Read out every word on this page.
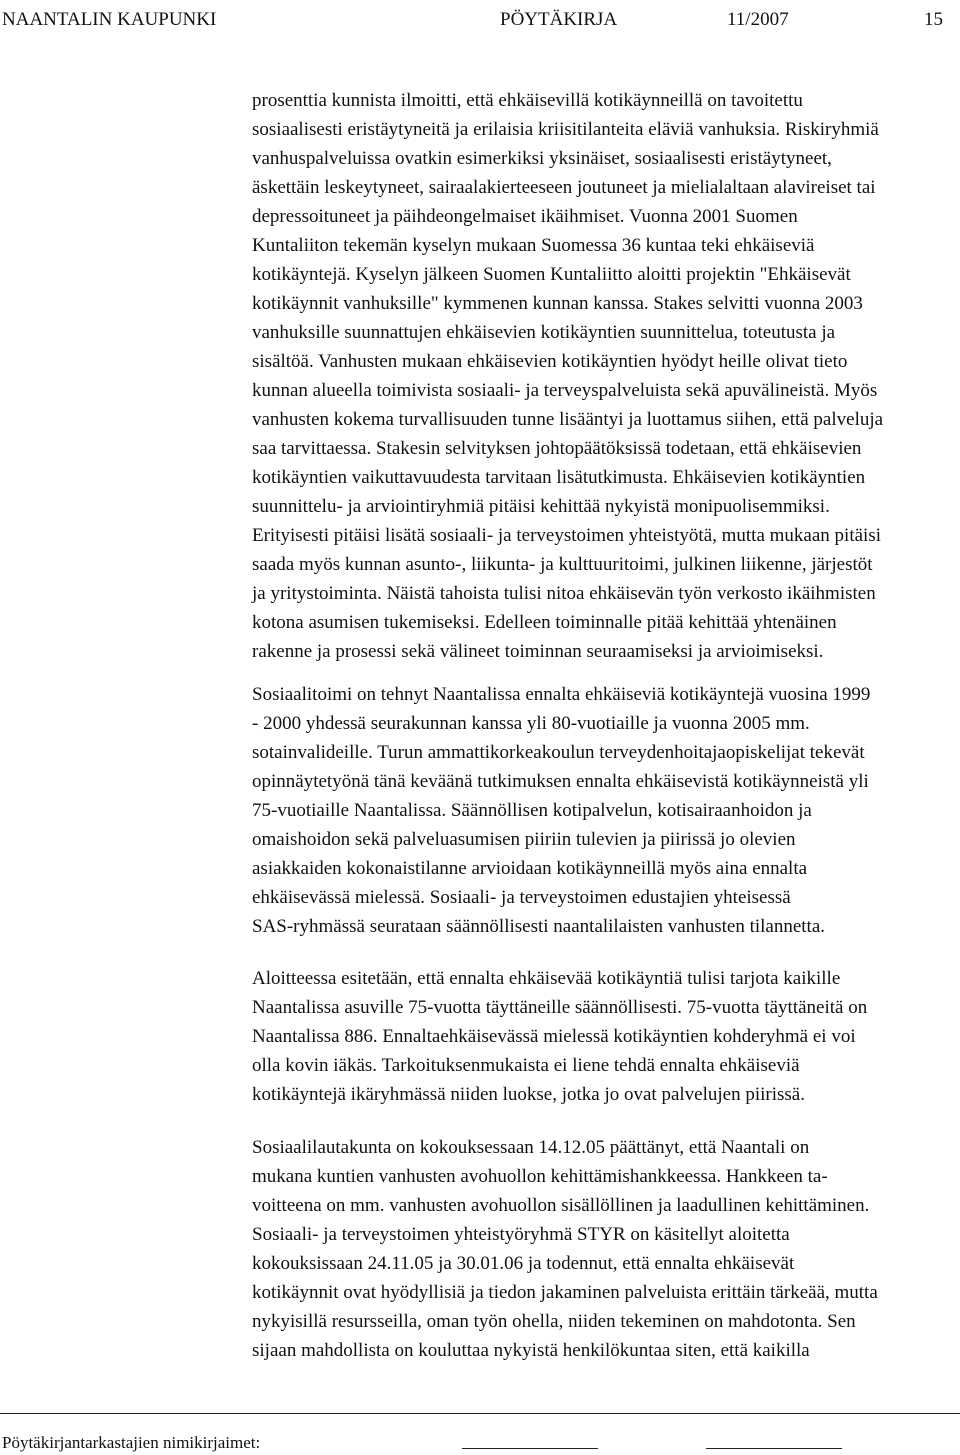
NAANTALIN KAUPUNKI	PÖYTÄKIRJA	11/2007	15
prosenttia kunnista ilmoitti, että ehkäisevillä kotikäynneillä on tavoitettu
sosiaalisesti eristäytyneitä ja erilaisia kriisitilanteita eläviä vanhuksia. Riskiryhmiä
vanhuspalveluissa ovatkin esimerkiksi yksinäiset, sosiaalisesti eristäytyneet,
äskettäin leskeytyneet, sairaalakierteeseen joutuneet ja mielialaltaan alavireiset tai
depressoituneet ja päihdeongelmaiset ikäihmiset. Vuonna 2001 Suomen
Kuntaliiton tekemän kyselyn mukaan Suomessa 36 kuntaa teki ehkäiseviä
kotikäyntejä. Kyselyn jälkeen Suomen Kuntaliitto aloitti projektin "Ehkäisevät
kotikäynnit vanhuksille" kymmenen kunnan kanssa. Stakes selvitti vuonna 2003
vanhuksille suunnattujen ehkäisevien kotikäyntien suunnittelua, toteutusta ja
sisältöä. Vanhusten mukaan ehkäisevien kotikäyntien hyödyt heille olivat tieto
kunnan alueella toimivista sosiaali- ja terveyspalveluista sekä apuvälineistä. Myös
vanhusten kokema turvallisuuden tunne lisääntyi ja luottamus siihen, että palveluja
saa tarvittaessa. Stakesin selvityksen johtopäätöksissä todetaan, että ehkäisevien
kotikäyntien vaikuttavuudesta tarvitaan lisätutkimusta. Ehkäisevien kotikäyntien
suunnittelu- ja arviointiryhmiä pitäisi kehittää nykyistä monipuolisemmiksi.
Erityisesti pitäisi lisätä sosiaali- ja terveystoimen yhteistyötä, mutta mukaan pitäisi
saada myös kunnan asunto-, liikunta- ja kulttuuritoimi, julkinen liikenne, järjestöt
ja yritystoiminta. Näistä tahoista tulisi nitoa ehkäisevän työn verkosto ikäihmisten
kotona asumisen tukemiseksi. Edelleen toiminnalle pitää kehittää yhtenäinen
rakenne ja prosessi sekä välineet toiminnan seuraamiseksi ja arvioimiseksi.
Sosiaalitoimi on tehnyt Naantalissa ennalta ehkäiseviä kotikäyntejä vuosina 1999
- 2000 yhdessä seurakunnan kanssa yli 80-vuotiaille ja vuonna 2005 mm.
sotainvalideille. Turun ammattikorkeakoulun terveydenhoitajaopiskelijat tekevät
opinnäytetyönä tänä keväänä tutkimuksen ennalta ehkäisevistä kotikäynneistä yli
75-vuotiaille Naantalissa. Säännöllisen kotipalvelun, kotisairaanhoidon ja
omaishoidon sekä palveluasumisen piiriin tulevien ja piirissä jo olevien
asiakkaiden kokonaistilanne arvioidaan kotikäynneillä myös aina ennalta
ehkäisevässä mielessä. Sosiaali- ja terveystoimen edustajien yhteisessä
SAS-ryhmässä seurataan säännöllisesti naantalilaisten vanhusten tilannetta.
Aloitteessa esitetään, että ennalta ehkäisevää kotikäyntiä tulisi tarjota kaikille
Naantalissa asuville 75-vuotta täyttäneille säännöllisesti. 75-vuotta täyttäneitä on
Naantalissa 886. Ennaltaehkäisevässä mielessä kotikäyntien kohderyhmä ei voi
olla kovin iäkäs. Tarkoituksenmukaista ei liene tehdä ennalta ehkäiseviä
kotikäyntejä ikäryhmässä niiden luokse, jotka jo ovat palvelujen piirissä.
Sosiaalilautakunta on kokouksessaan 14.12.05 päättänyt, että Naantali on
mukana kuntien vanhusten avohuollon kehittämishankkeessa. Hankkeen ta-
voitteena on mm. vanhusten avohuollon sisällöllinen ja laadullinen kehittäminen.
Sosiaali- ja terveystoimen yhteistyöryhmä STYR on käsitellyt aloitetta
kokouksissaan 24.11.05 ja 30.01.06 ja todennut, että ennalta ehkäisevät
kotikäynnit ovat hyödyllisiä ja tiedon jakaminen palveluista erittäin tärkeää, mutta
nykyisillä resursseilla, oman työn ohella, niiden tekeminen on mahdotonta. Sen
sijaan mahdollista on kouluttaa nykyistä henkilökuntaa siten, että kaikilla
Pöytäkirjantarkastajien nimikirjaimet:
